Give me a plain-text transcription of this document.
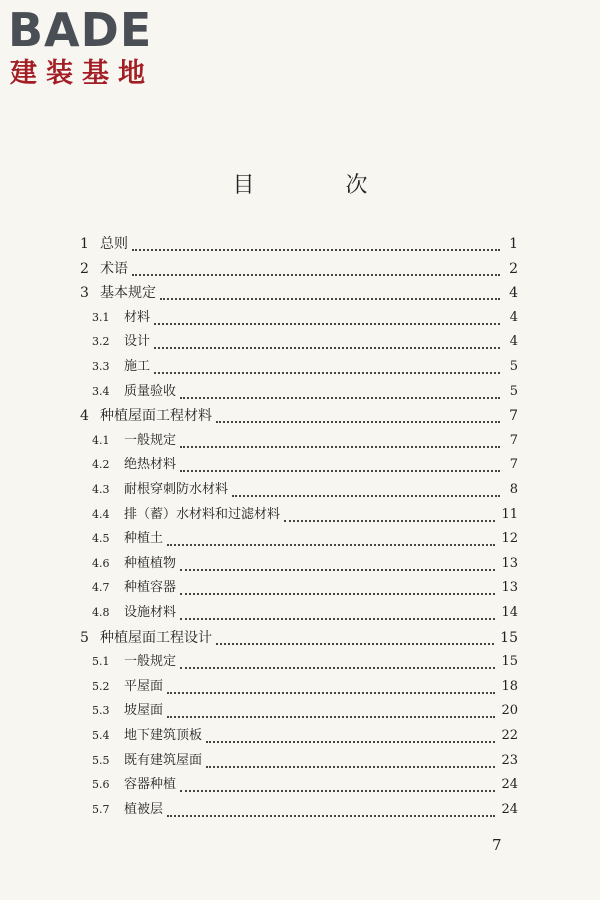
BADE
建装基地
目 次
1 总则	1
2 术语	2
3 基本规定	4
3.1	材料	4
3.2	设计	4
3.3	施工	5
3.4	质量验收	5
4 种植屋面工程材料	7
4.1	一般规定	7
4.2	绝热材料	7
4.3	耐根穿刺防水材料	8
4.4	排（蓄）水材料和过滤材料	11
4.5	种植土	12
4.6	种植植物	13
4.7	种植容器	13
4.8	设施材料	14
5 种植屋面工程设计	15
5.1	一般规定	15
5.2	平屋面	18
5.3	坡屋面	20
5.4	地下建筑顶板	22
5.5	既有建筑屋面	23
5.6	容器种植	24
5.7	植被层	24
7
